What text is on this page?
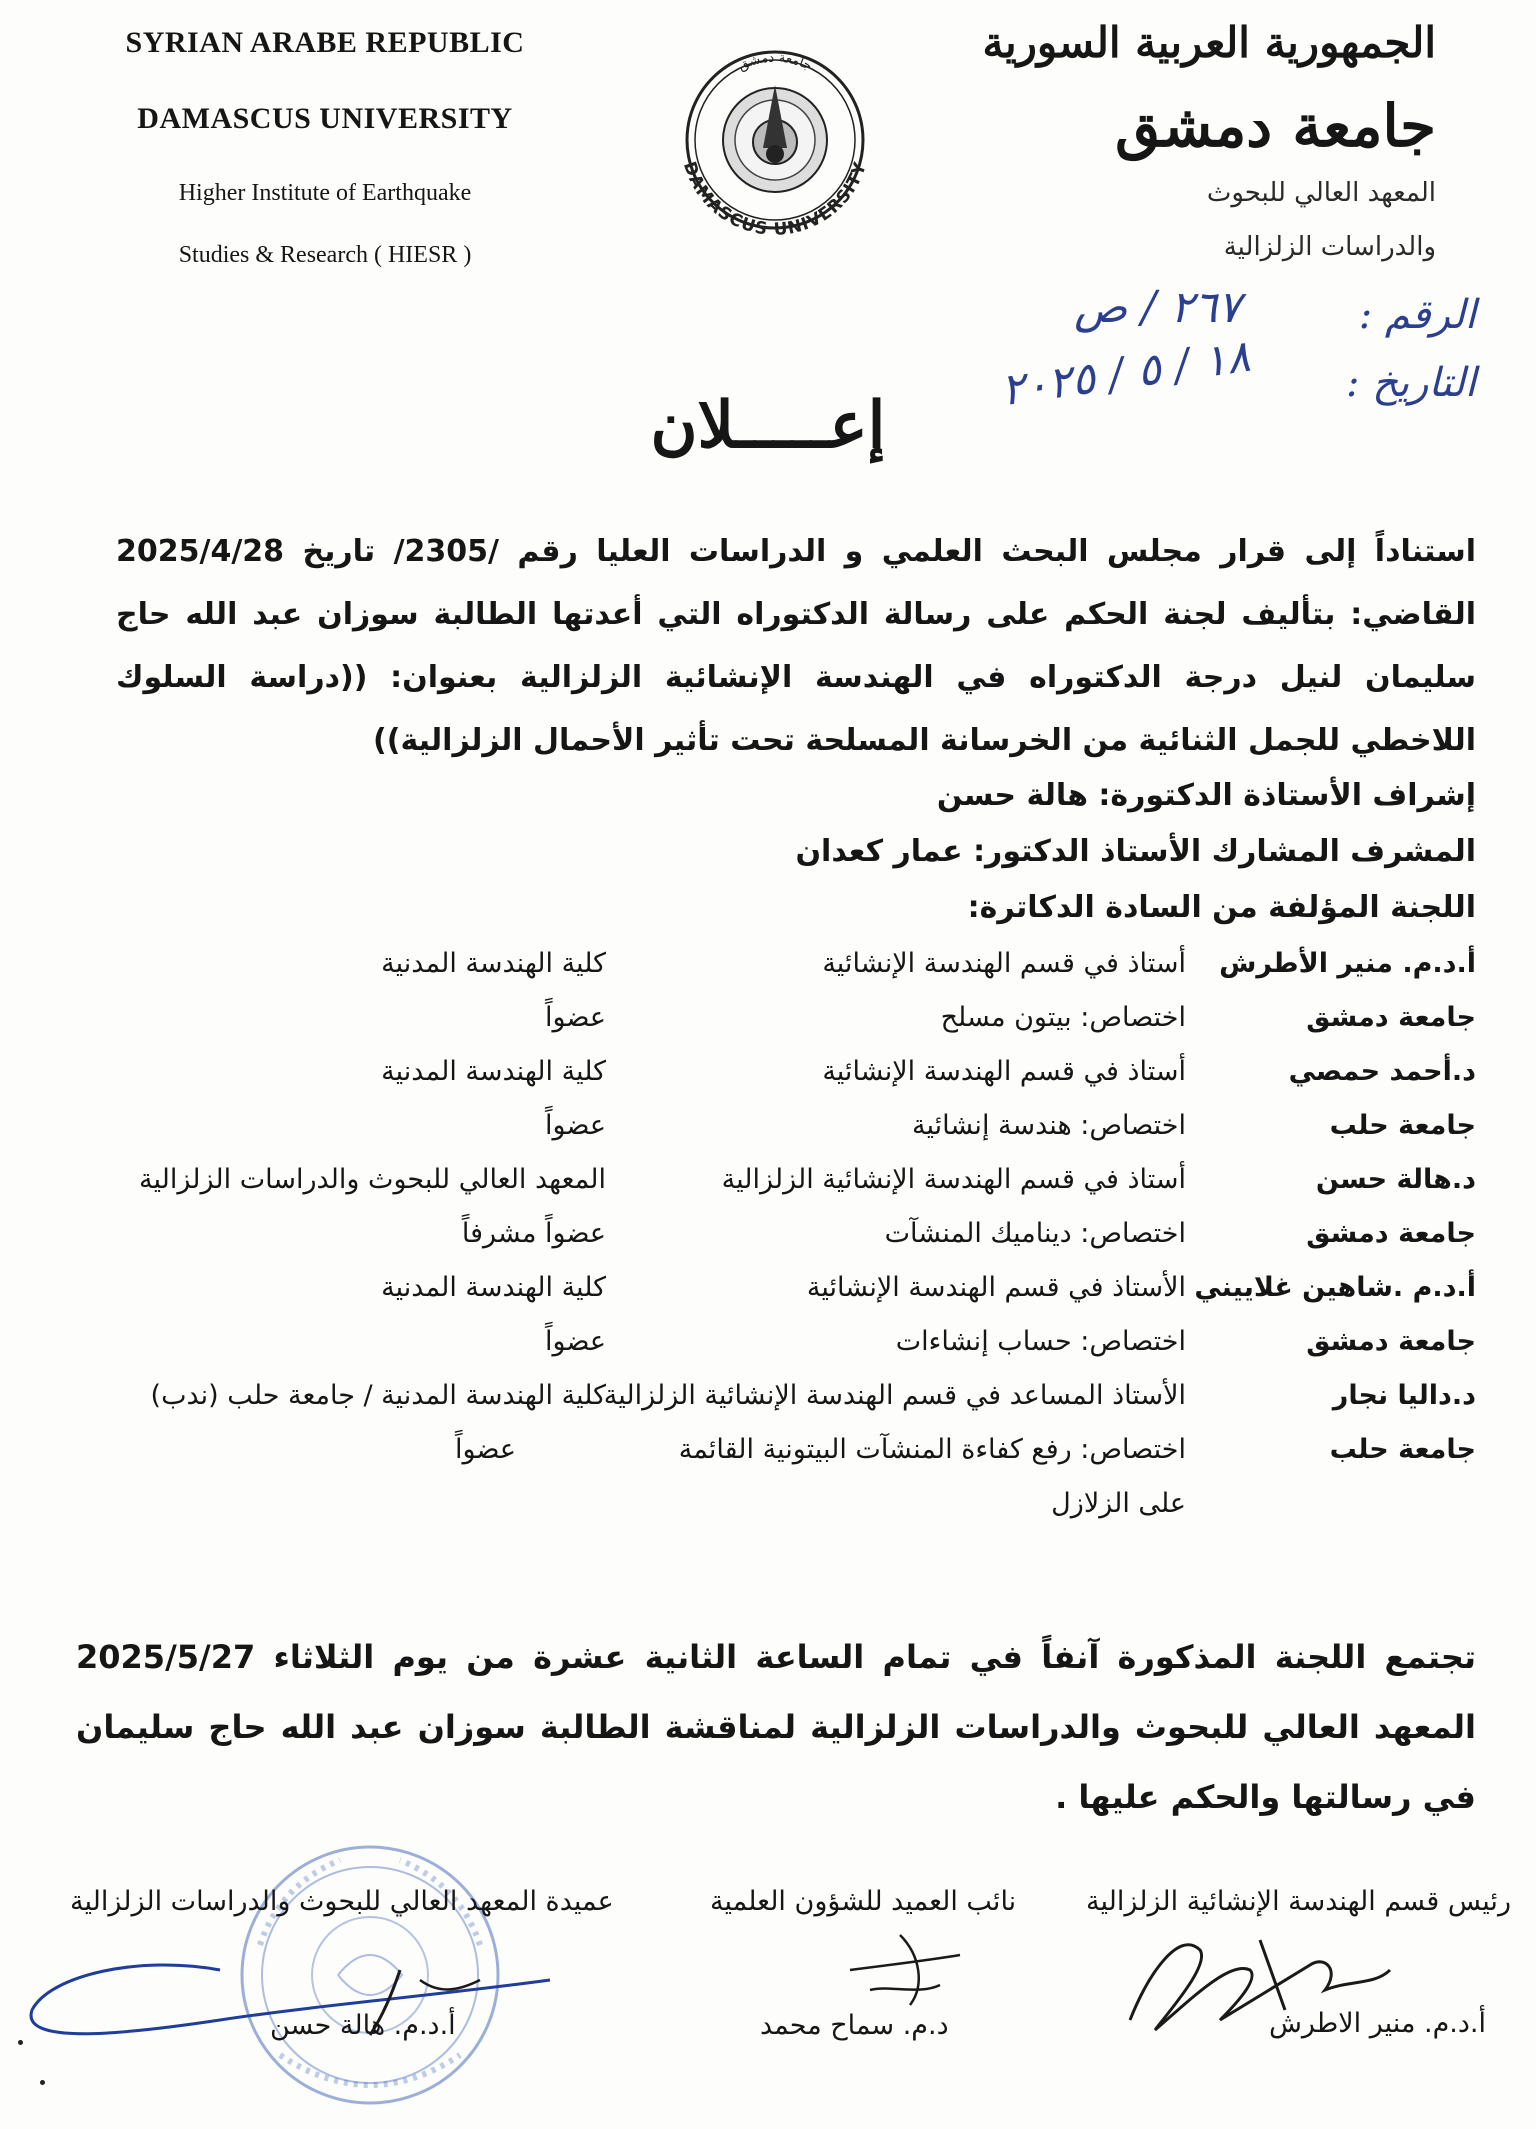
SYRIAN ARABE REPUBLIC
DAMASCUS UNIVERSITY
Higher Institute of Earthquake
Studies & Research ( HIESR )
DAMASCUS UNIVERSITY
جامعة دمشق	الجمهورية العربية السورية
جامعة دمشق
المعهد العالي للبحوث
والدراسات الزلزالية
الرقم :
٢٦٧ / ص
التاريخ :
١٨ / ٥ / ٢٠٢٥
إعـــــلان
استناداً إلى قرار مجلس البحث العلمي و الدراسات العليا رقم /2305/ تاريخ 2025/4/28 القاضي: بتأليف لجنة الحكم على رسالة الدكتوراه التي أعدتها الطالبة سوزان عبد الله حاج سليمان لنيل درجة الدكتوراه في الهندسة الإنشائية الزلزالية بعنوان: ((دراسة السلوك اللاخطي للجمل الثنائية من الخرسانة المسلحة تحت تأثير الأحمال الزلزالية))
إشراف الأستاذة الدكتورة: هالة حسن
المشرف المشارك الأستاذ الدكتور: عمار كعدان
اللجنة المؤلفة من السادة الدكاترة:
أ.د.م. منير الأطرش
أستاذ في قسم الهندسة الإنشائية
كلية الهندسة المدنية
جامعة دمشق
اختصاص: بيتون مسلح
عضواً
د.أحمد حمصي
أستاذ في قسم الهندسة الإنشائية
كلية الهندسة المدنية
جامعة حلب
اختصاص: هندسة إنشائية
عضواً
د.هالة حسن
أستاذ في قسم الهندسة الإنشائية الزلزالية
المعهد العالي للبحوث والدراسات الزلزالية
جامعة دمشق
اختصاص: ديناميك المنشآت
عضواً مشرفاً
أ.د.م .شاهين غلاييني
الأستاذ في قسم الهندسة الإنشائية
كلية الهندسة المدنية
جامعة دمشق
اختصاص: حساب إنشاءات
عضواً
د.داليا نجار
الأستاذ المساعد في قسم الهندسة الإنشائية الزلزالية
كلية الهندسة المدنية / جامعة حلب (ندب)
جامعة حلب
اختصاص: رفع كفاءة المنشآت البيتونية القائمة
عضواً
على الزلازل
تجتمع اللجنة المذكورة آنفاً في تمام الساعة الثانية عشرة من يوم الثلاثاء 2025/5/27 المعهد العالي للبحوث والدراسات الزلزالية لمناقشة الطالبة سوزان عبد الله حاج سليمان في رسالتها والحكم عليها .
رئيس قسم الهندسة الإنشائية الزلزالية
أ.د.م. منير الاطرش
نائب العميد للشؤون العلمية
د.م. سماح محمد
عميدة المعهد العالي للبحوث والدراسات الزلزالية
أ.د.م. هالة حسن
